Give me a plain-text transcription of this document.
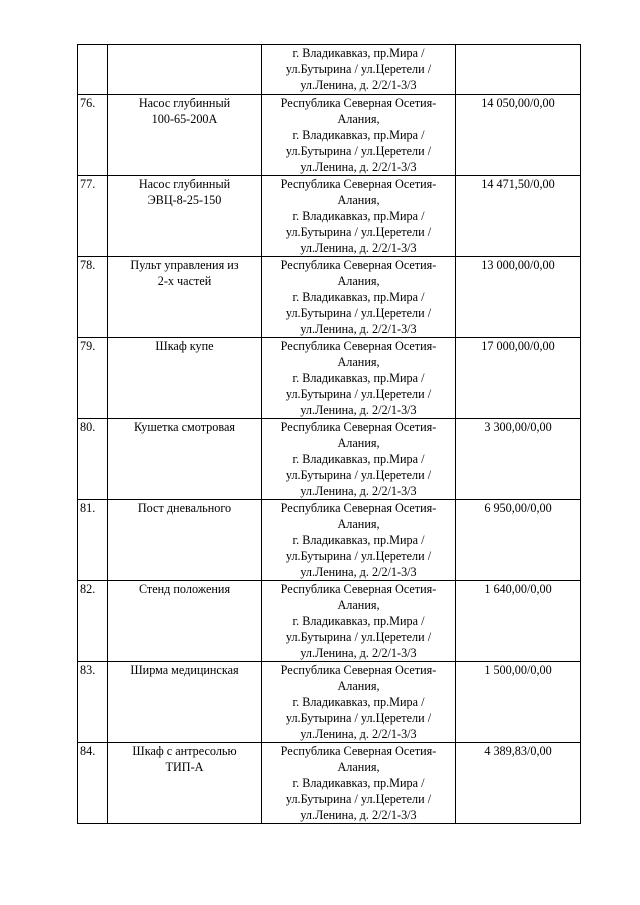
		г. Владикавказ, пр.Мира /
ул.Бутырина / ул.Церетели /
ул.Ленина, д. 2/2/1-3/3	

76.	Насос глубинный
100-65-200А	Республика Северная Осетия-
Алания,
г. Владикавказ, пр.Мира /
ул.Бутырина / ул.Церетели /
ул.Ленина, д. 2/2/1-3/3	14 050,00/0,00
77.	Насос глубинный
ЭВЦ-8-25-150	Республика Северная Осетия-
Алания,
г. Владикавказ, пр.Мира /
ул.Бутырина / ул.Церетели /
ул.Ленина, д. 2/2/1-3/3	14 471,50/0,00
78.	Пульт управления из
2-х частей	Республика Северная Осетия-
Алания,
г. Владикавказ, пр.Мира /
ул.Бутырина / ул.Церетели /
ул.Ленина, д. 2/2/1-3/3	13 000,00/0,00
79.	Шкаф купе	Республика Северная Осетия-
Алания,
г. Владикавказ, пр.Мира /
ул.Бутырина / ул.Церетели /
ул.Ленина, д. 2/2/1-3/3	17 000,00/0,00
80.	Кушетка смотровая	Республика Северная Осетия-
Алания,
г. Владикавказ, пр.Мира /
ул.Бутырина / ул.Церетели /
ул.Ленина, д. 2/2/1-3/3	3 300,00/0,00
81.	Пост дневального	Республика Северная Осетия-
Алания,
г. Владикавказ, пр.Мира /
ул.Бутырина / ул.Церетели /
ул.Ленина, д. 2/2/1-3/3	6 950,00/0,00
82.	Стенд положения	Республика Северная Осетия-
Алания,
г. Владикавказ, пр.Мира /
ул.Бутырина / ул.Церетели /
ул.Ленина, д. 2/2/1-3/3	1 640,00/0,00
83.	Ширма медицинская	Республика Северная Осетия-
Алания,
г. Владикавказ, пр.Мира /
ул.Бутырина / ул.Церетели /
ул.Ленина, д. 2/2/1-3/3	1 500,00/0,00
84.	Шкаф с антресолью
ТИП-А	Республика Северная Осетия-
Алания,
г. Владикавказ, пр.Мира /
ул.Бутырина / ул.Церетели /
ул.Ленина, д. 2/2/1-3/3	4 389,83/0,00
